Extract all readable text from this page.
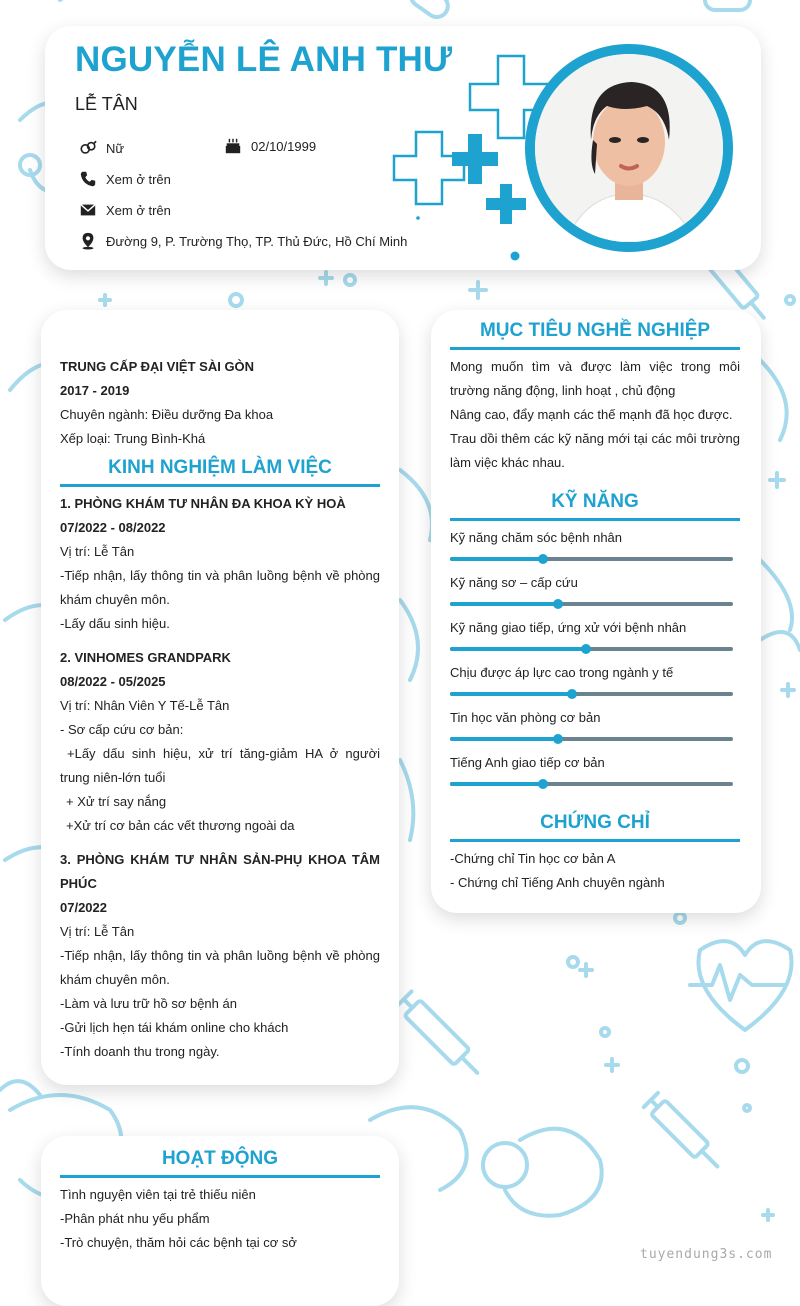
NGUYỄN LÊ ANH THƯ
LỄ TÂN
Nữ	02/10/1999
Xem ở trên
Xem ở trên
Đường 9, P. Trường Thọ, TP. Thủ Đức, Hồ Chí Minh
TRUNG CẤP ĐẠI VIỆT SÀI GÒN
2017 - 2019
Chuyên ngành: Điều dưỡng Đa khoa
Xếp loại: Trung Bình-Khá
KINH NGHIỆM LÀM VIỆC
1. PHÒNG KHÁM TƯ NHÂN ĐA KHOA KỲ HOÀ
07/2022 - 08/2022
Vị trí: Lễ Tân
-Tiếp nhận, lấy thông tin và phân luồng bệnh về phòng khám chuyên môn.
-Lấy dấu sinh hiệu.
2. VINHOMES GRANDPARK
08/2022 - 05/2025
Vị trí: Nhân Viên Y Tế-Lễ Tân
- Sơ cấp cứu cơ bản:
+Lấy dấu sinh hiệu, xử trí tăng-giảm HA ở người trung niên-lớn tuổi
+ Xử trí say nắng
+Xử trí cơ bản các vết thương ngoài da
3. PHÒNG KHÁM TƯ NHÂN SẢN-PHỤ KHOA TÂM PHÚC
07/2022
Vị trí: Lễ Tân
-Tiếp nhận, lấy thông tin và phân luồng bệnh về phòng khám chuyên môn.
-Làm và lưu trữ hồ sơ bệnh án
-Gửi lịch hẹn tái khám online cho khách
-Tính doanh thu trong ngày.
HOẠT ĐỘNG
Tình nguyện viên tại trẻ thiếu niên
-Phân phát nhu yếu phẩm
-Trò chuyện, thăm hỏi các bệnh tại cơ sở
MỤC TIÊU NGHỀ NGHIỆP
Mong muốn tìm và được làm việc trong môi trường năng động, linh hoạt , chủ động
Nâng cao, đẩy mạnh các thế mạnh đã học được.
Trau dồi thêm các kỹ năng mới tại các môi trường làm việc khác nhau.
KỸ NĂNG
Kỹ năng chăm sóc bệnh nhân
Kỹ năng sơ – cấp cứu
Kỹ năng giao tiếp, ứng xử với bệnh nhân
Chịu được áp lực cao trong ngành y tế
Tin học văn phòng cơ bản
Tiếng Anh giao tiếp cơ bản
CHỨNG CHỈ
-Chứng chỉ Tin học cơ bản A
- Chứng chỉ Tiếng Anh chuyên ngành
tuyendung3s.com
